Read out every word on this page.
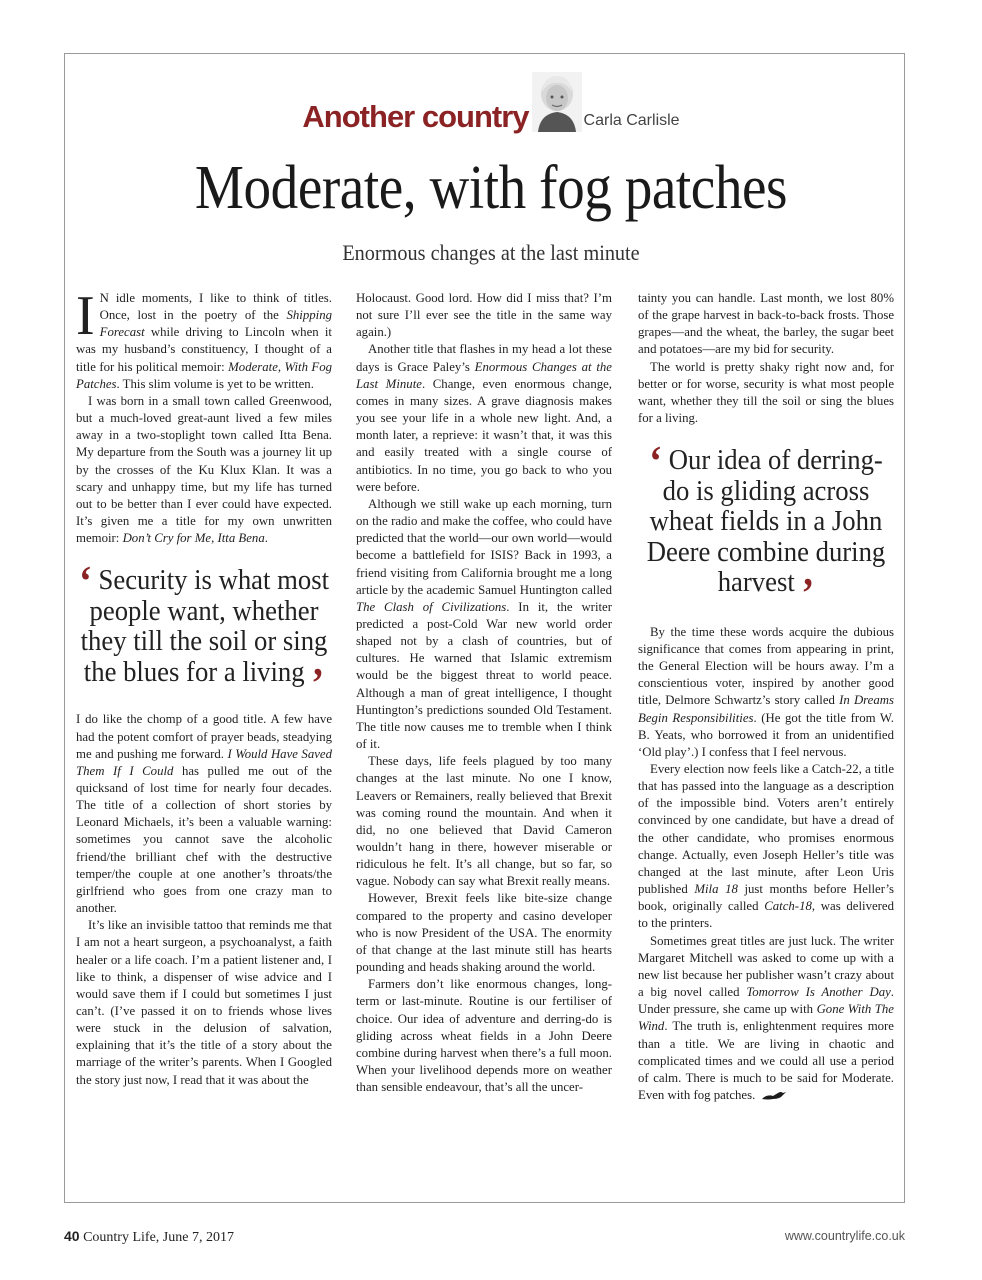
Another country	Carla Carlisle
Moderate, with fog patches
Enormous changes at the last minute

I N idle moments, I like to think of titles. Once, lost in the poetry of the Shipping Forecast while driving to Lincoln when it was my husband’s constituency, I thought of a title for his political memoir: Moderate, With Fog Patches. This slim volume is yet to be written.

I was born in a small town called Greenwood, but a much-loved great-aunt lived a few miles away in a two-stoplight town called Itta Bena. My departure from the South was a journey lit up by the crosses of the Ku Klux Klan. It was a scary and unhappy time, but my life has turned out to be better than I ever could have expected. It’s given me a title for my own unwritten memoir: Don’t Cry for Me, Itta Bena.

‘ Security is what most people want, whether they till the soil or sing the blues for a living ’

I do like the chomp of a good title. A few have had the potent comfort of prayer beads, steadying me and pushing me forward. I Would Have Saved Them If I Could has pulled me out of the quicksand of lost time for nearly four decades. The title of a collection of short stories by Leonard Michaels, it’s been a valuable warning: sometimes you cannot save the alcoholic friend/the brilliant chef with the destructive temper/the couple at one another’s throats/the girlfriend who goes from one crazy man to another.

It’s like an invisible tattoo that reminds me that I am not a heart surgeon, a psychoanalyst, a faith healer or a life coach. I’m a patient listener and, I like to think, a dispenser of wise advice and I would save them if I could but sometimes I just can’t. (I’ve passed it on to friends whose lives were stuck in the delusion of salvation, explaining that it’s the title of a story about the marriage of the writer’s parents. When I Googled the story just now, I read that it was about the

Holocaust. Good lord. How did I miss that? I’m not sure I’ll ever see the title in the same way again.)

Another title that flashes in my head a lot these days is Grace Paley’s Enormous Changes at the Last Minute. Change, even enormous change, comes in many sizes. A grave diagnosis makes you see your life in a whole new light. And, a month later, a reprieve: it wasn’t that, it was this and easily treated with a single course of antibiotics. In no time, you go back to who you were before.

Although we still wake up each morning, turn on the radio and make the coffee, who could have predicted that the world—our own world—would become a battlefield for ISIS? Back in 1993, a friend visiting from California brought me a long article by the academic Samuel Huntington called The Clash of Civilizations. In it, the writer predicted a post-Cold War new world order shaped not by a clash of countries, but of cultures. He warned that Islamic extremism would be the biggest threat to world peace. Although a man of great intelligence, I thought Huntington’s predictions sounded Old Testament. The title now causes me to tremble when I think of it.

These days, life feels plagued by too many changes at the last minute. No one I know, Leavers or Remainers, really believed that Brexit was coming round the mountain. And when it did, no one believed that David Cameron wouldn’t hang in there, however miserable or ridiculous he felt. It’s all change, but so far, so vague. Nobody can say what Brexit really means.

However, Brexit feels like bite-size change compared to the property and casino developer who is now President of the USA. The enormity of that change at the last minute still has hearts pounding and heads shaking around the world.

Farmers don’t like enormous changes, long-term or last-minute. Routine is our fertiliser of choice. Our idea of adventure and derring-do is gliding across wheat fields in a John Deere combine during harvest when there’s a full moon. When your livelihood depends more on weather than sensible endeavour, that’s all the uncer-

tainty you can handle. Last month, we lost 80% of the grape harvest in back-to-back frosts. Those grapes—and the wheat, the barley, the sugar beet and potatoes—are my bid for security.

The world is pretty shaky right now and, for better or for worse, security is what most people want, whether they till the soil or sing the blues for a living.

‘ Our idea of derring-do is gliding across wheat fields in a John Deere combine during harvest ’

By the time these words acquire the dubious significance that comes from appearing in print, the General Election will be hours away. I’m a conscientious voter, inspired by another good title, Delmore Schwartz’s story called In Dreams Begin Responsibilities. (He got the title from W. B. Yeats, who borrowed it from an unidentified ‘Old play’.) I confess that I feel nervous.

Every election now feels like a Catch-22, a title that has passed into the language as a description of the impossible bind. Voters aren’t entirely convinced by one candidate, but have a dread of the other candidate, who promises enormous change. Actually, even Joseph Heller’s title was changed at the last minute, after Leon Uris published Mila 18 just months before Heller’s book, originally called Catch-18, was delivered to the printers.

Sometimes great titles are just luck. The writer Margaret Mitchell was asked to come up with a new list because her publisher wasn’t crazy about a big novel called Tomorrow Is Another Day. Under pressure, she came up with Gone With The Wind. The truth is, enlightenment requires more than a title. We are living in chaotic and complicated times and we could all use a period of calm. There is much to be said for Moderate. Even with fog patches.

40 Country Life, June 7, 2017	www.countrylife.co.uk
